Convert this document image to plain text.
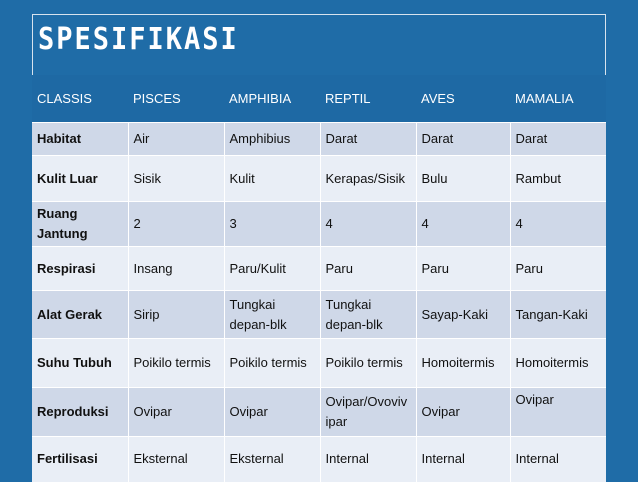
SPESIFIKASI
CLASSIS	PISCES	AMPHIBIA	REPTIL	AVES	MAMALIA
Habitat	Air	Amphibius	Darat	Darat	Darat
Kulit Luar	Sisik	Kulit	Kerapas/Sisik	Bulu	Rambut
Ruang Jantung	2	3	4	4	4
Respirasi	Insang	Paru/Kulit	Paru	Paru	Paru
Alat Gerak	Sirip	Tungkai depan-blk	Tungkai depan-blk	Sayap-Kaki	Tangan-Kaki
Suhu Tubuh	Poikilo termis	Poikilo termis	Poikilo termis	Homoitermis	Homoitermis
Reproduksi	Ovipar	Ovipar	Ovipar/Ovovivipar	Ovipar	Ovipar
Fertilisasi	Eksternal	Eksternal	Internal	Internal	Internal
